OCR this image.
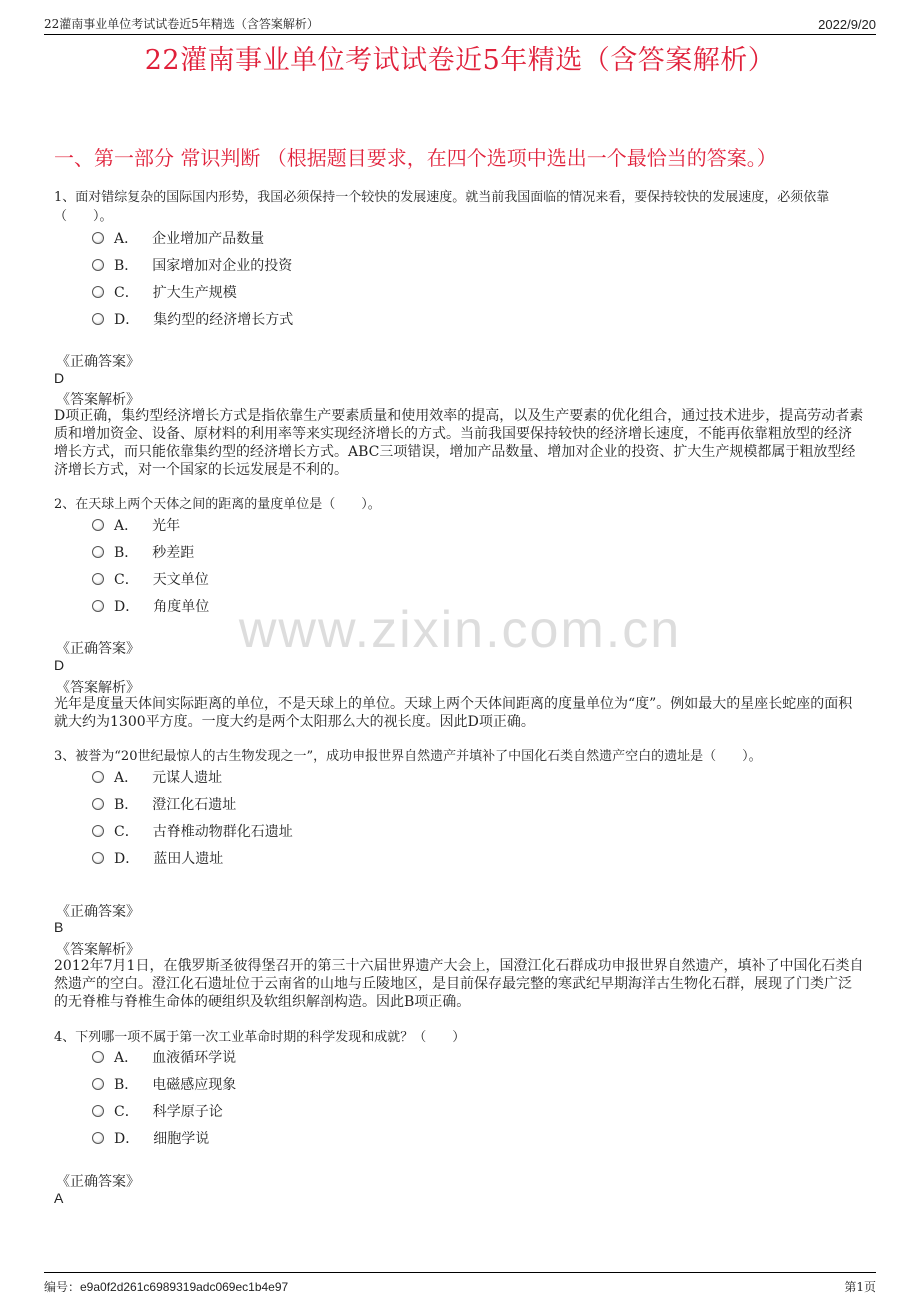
22灌南事业单位考试试卷近5年精选（含答案解析）	2022/9/20
22灌南事业单位考试试卷近5年精选（含答案解析）
一、第一部分 常识判断 （根据题目要求，在四个选项中选出一个最恰当的答案。）
www.zixin.com.cn
1、面对错综复杂的国际国内形势，我国必须保持一个较快的发展速度。就当前我国面临的情况来看，要保持较快的发展速度，必须依靠（　　）。
A． 企业增加产品数量
B． 国家增加对企业的投资
C． 扩大生产规模
D． 集约型的经济增长方式
《正确答案》
D
《答案解析》
D项正确，集约型经济增长方式是指依靠生产要素质量和使用效率的提高，以及生产要素的优化组合，通过技术进步，提高劳动者素质和增加资金、设备、原材料的利用率等来实现经济增长的方式。当前我国要保持较快的经济增长速度，不能再依靠粗放型的经济增长方式，而只能依靠集约型的经济增长方式。ABC三项错误，增加产品数量、增加对企业的投资、扩大生产规模都属于粗放型经济增长方式，对一个国家的长远发展是不利的。
2、在天球上两个天体之间的距离的量度单位是（　　）。
A． 光年
B． 秒差距
C． 天文单位
D． 角度单位
《正确答案》
D
《答案解析》
光年是度量天体间实际距离的单位，不是天球上的单位。天球上两个天体间距离的度量单位为“度”。例如最大的星座长蛇座的面积就大约为1300平方度。一度大约是两个太阳那么大的视长度。因此D项正确。
3、被誉为“20世纪最惊人的古生物发现之一”，成功申报世界自然遗产并填补了中国化石类自然遗产空白的遗址是（　　）。
A． 元谋人遗址
B． 澄江化石遗址
C． 古脊椎动物群化石遗址
D． 蓝田人遗址
《正确答案》
B
《答案解析》
2012年7月1日，在俄罗斯圣彼得堡召开的第三十六届世界遗产大会上，国澄江化石群成功申报世界自然遗产，填补了中国化石类自然遗产的空白。澄江化石遗址位于云南省的山地与丘陵地区，是目前保存最完整的寒武纪早期海洋古生物化石群，展现了门类广泛的无脊椎与脊椎生命体的硬组织及软组织解剖构造。因此B项正确。
4、下列哪一项不属于第一次工业革命时期的科学发现和成就？（　　）
A． 血液循环学说
B． 电磁感应现象
C． 科学原子论
D． 细胞学说
《正确答案》
A
编号：e9a0f2d261c6989319adc069ec1b4e97	第1页
